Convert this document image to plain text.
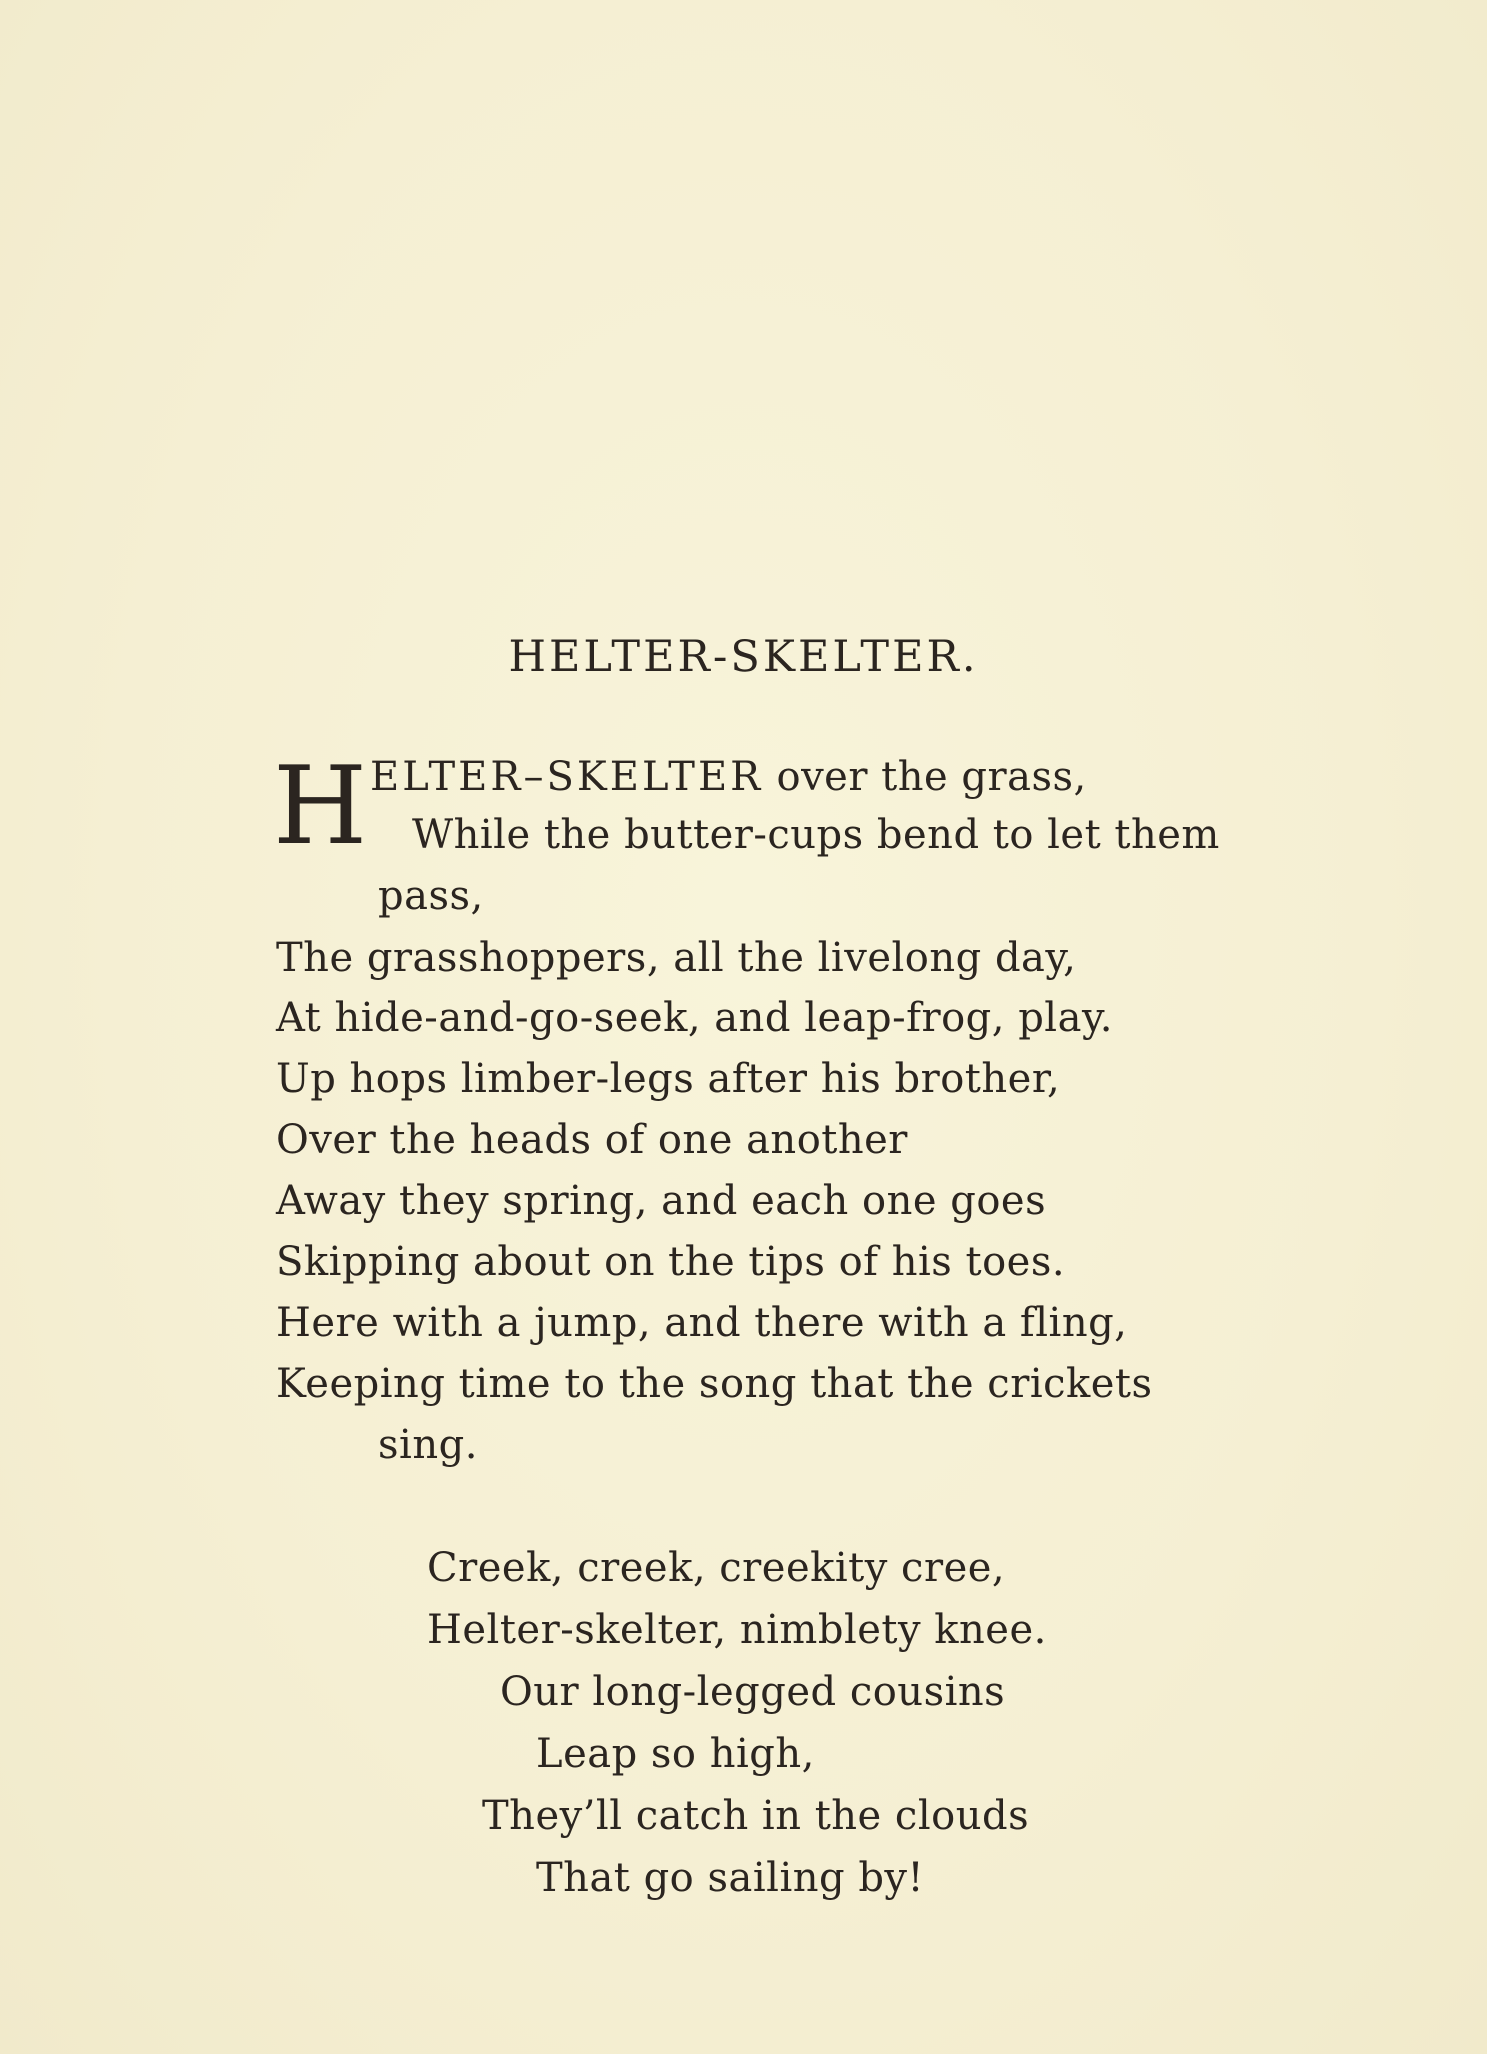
HELTER-SKELTER.
H ELTER–SKELTER over the grass,

While the butter-cups bend to let them

pass,

The grasshoppers, all the livelong day,

At hide-and-go-seek, and leap-frog, play.

Up hops limber-legs after his brother,

Over the heads of one another

Away they spring, and each one goes

Skipping about on the tips of his toes.

Here with a jump, and there with a fling,

Keeping time to the song that the crickets

sing.

Creek, creek, creekity cree,

Helter-skelter, nimblety knee.

Our long-legged cousins

Leap so high,

They’ll catch in the clouds

That go sailing by!
